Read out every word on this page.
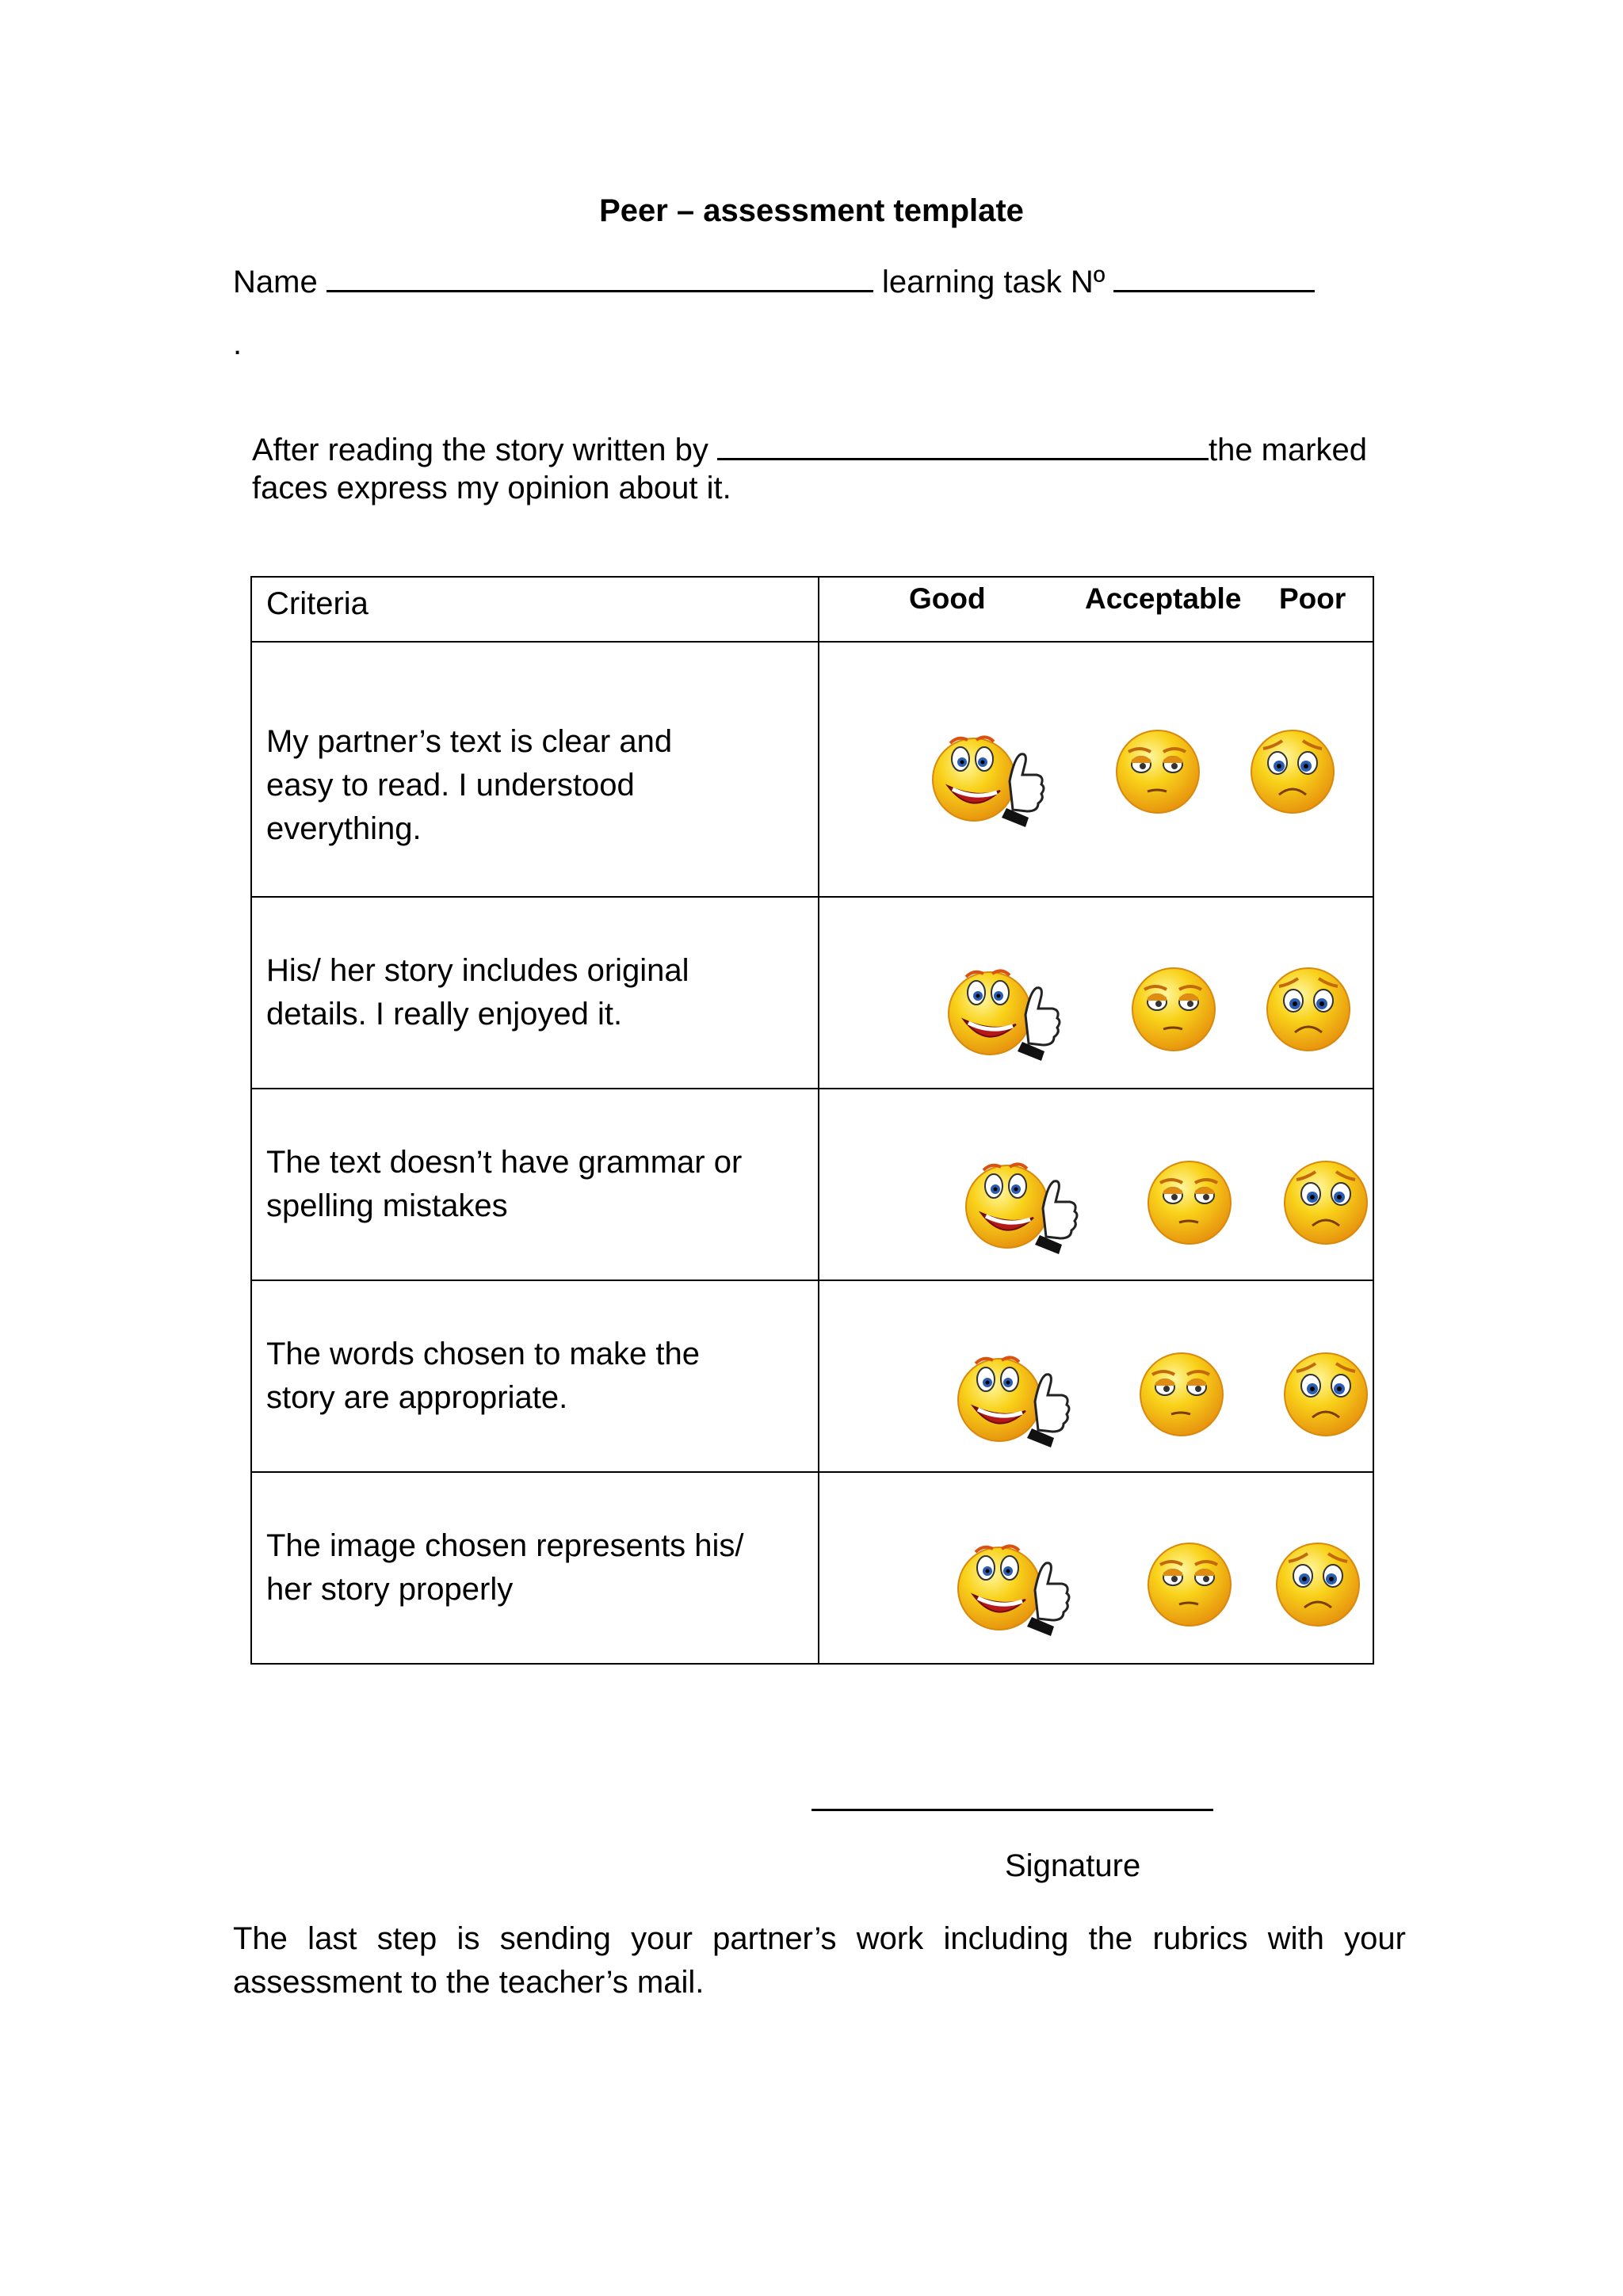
Peer – assessment template
Name	learning task Nº
.
After reading the story written by	the marked
faces express my opinion about it.
Criteria	Good Acceptable Poor

My partner’s text is clear and
easy to read. I understood
everything.

His/ her story includes original
details. I really enjoyed it.

The text doesn’t have grammar or
spelling mistakes

The words chosen to make the
story are appropriate.

The image chosen represents his/
her story properly

Signature
The last step is sending your partner’s work including the rubrics with your
assessment to the teacher’s mail.
